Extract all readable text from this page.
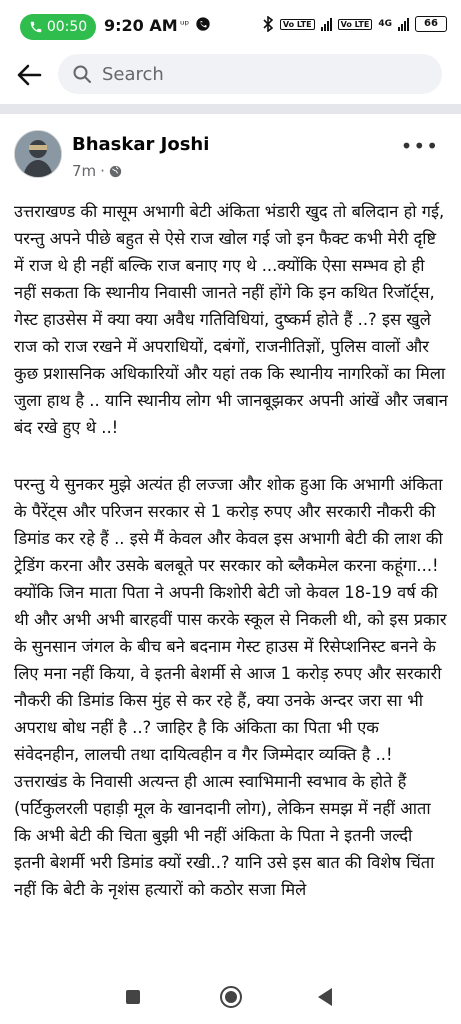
00:50 9:20 AM ᵘᵖ	Vo LTE	Vo LTE	4G	66
Search
Bhaskar Joshi
7m ·
•••

उत्तराखण्ड की मासूम अभागी बेटी अंकिता भंडारी खुद तो बलिदान हो गई, परन्तु अपने पीछे बहुत से ऐसे राज खोल गई जो इन फैक्ट कभी मेरी दृष्टि में राज थे ही नहीं बल्कि राज बनाए गए थे ...क्योंकि ऐसा सम्भव हो ही नहीं सकता कि स्थानीय निवासी जानते नहीं होंगे कि इन कथित रिजॉर्ट्स, गेस्ट हाउसेस में क्या क्या अवैध गतिविधियां, दुष्कर्म होते हैं ..? इस खुले राज को राज रखने में अपराधियों, दबंगों, राजनीतिज्ञों, पुलिस वालों और कुछ प्रशासनिक अधिकारियों और यहां तक कि स्थानीय नागरिकों का मिला जुला हाथ है .. यानि स्थानीय लोग भी जानबूझकर अपनी आंखें और जबान बंद रखे हुए थे ..!

परन्तु ये सुनकर मुझे अत्यंत ही लज्जा और शोक हुआ कि अभागी अंकिता के पैरेंट्स और परिजन सरकार से 1 करोड़ रुपए और सरकारी नौकरी की डिमांड कर रहे हैं .. इसे मैं केवल और केवल इस अभागी बेटी की लाश की ट्रेडिंग करना और उसके बलबूते पर सरकार को ब्लैकमेल करना कहूंगा...! क्योंकि जिन माता पिता ने अपनी किशोरी बेटी जो केवल 18-19 वर्ष की थी और अभी अभी बारहवीं पास करके स्कूल से निकली थी, को इस प्रकार के सुनसान जंगल के बीच बने बदनाम गेस्ट हाउस में रिसेप्शनिस्ट बनने के लिए मना नहीं किया, वे इतनी बेशर्मी से आज 1 करोड़ रुपए और सरकारी नौकरी की डिमांड किस मुंह से कर रहे हैं, क्या उनके अन्दर जरा सा भी अपराध बोध नहीं है ..? जाहिर है कि अंकिता का पिता भी एक संवेदनहीन, लालची तथा दायित्वहीन व गैर जिम्मेदार व्यक्ति है ..! उत्तराखंड के निवासी अत्यन्त ही आत्म स्वाभिमानी स्वभाव के होते हैं (पर्टिकुलरली पहाड़ी मूल के खानदानी लोग), लेकिन समझ में नहीं आता कि अभी बेटी की चिता बुझी भी नहीं अंकिता के पिता ने इतनी जल्दी इतनी बेशर्मी भरी डिमांड क्यों रखी..? यानि उसे इस बात की विशेष चिंता नहीं कि बेटी के नृशंस हत्यारों को कठोर सजा मिले
